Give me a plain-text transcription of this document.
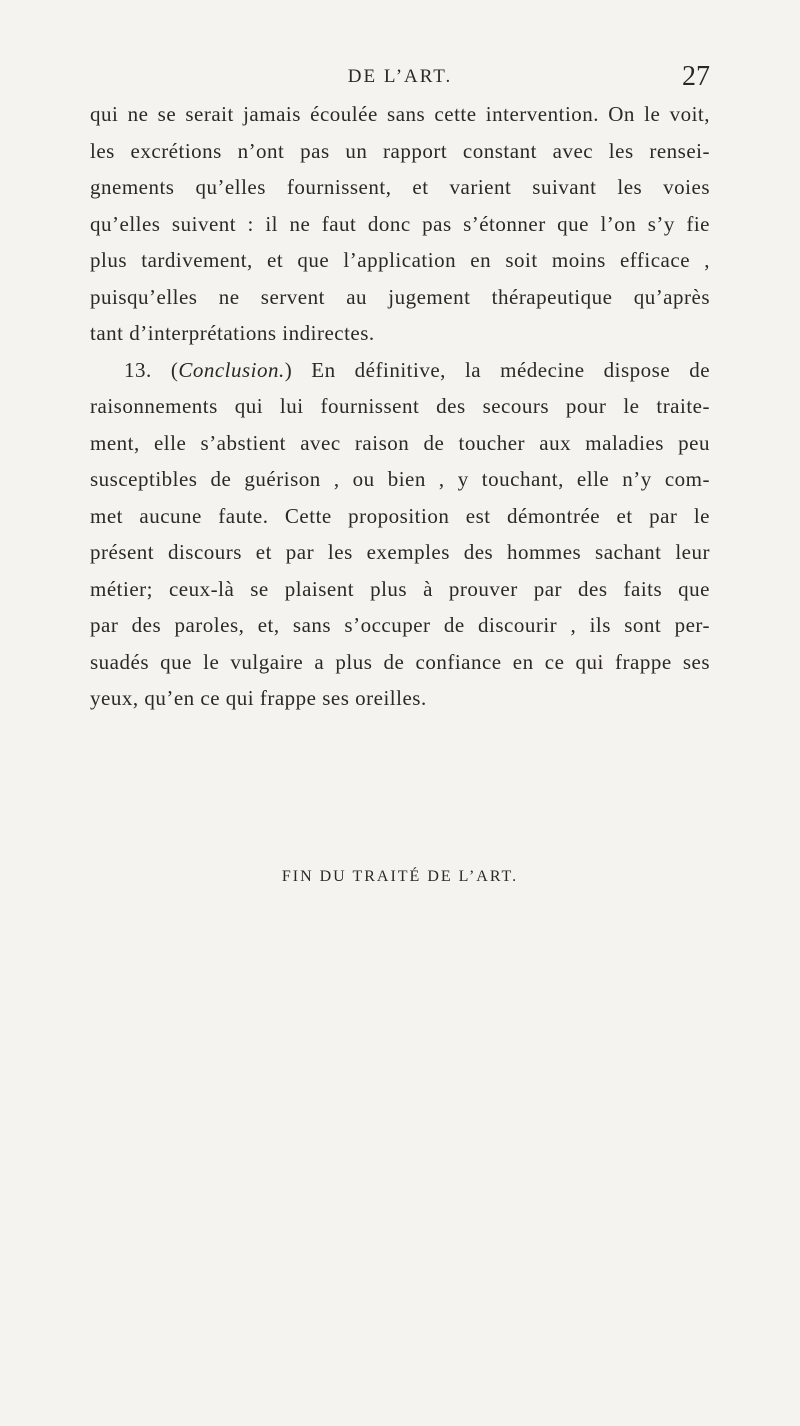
DE L’ART.	27
qui ne se serait jamais écoulée sans cette intervention. On le voit,
les excrétions n’ont pas un rapport constant avec les rensei-
gnements qu’elles fournissent, et varient suivant les voies
qu’elles suivent : il ne faut donc pas s’étonner que l’on s’y fie
plus tardivement, et que l’application en soit moins efficace ,
puisqu’elles ne servent au jugement thérapeutique qu’après
tant d’interprétations indirectes.
13. (Conclusion.) En définitive, la médecine dispose de
raisonnements qui lui fournissent des secours pour le traite-
ment, elle s’abstient avec raison de toucher aux maladies peu
susceptibles de guérison , ou bien , y touchant, elle n’y com-
met aucune faute. Cette proposition est démontrée et par le
présent discours et par les exemples des hommes sachant leur
métier; ceux-là se plaisent plus à prouver par des faits que
par des paroles, et, sans s’occuper de discourir , ils sont per-
suadés que le vulgaire a plus de confiance en ce qui frappe ses
yeux, qu’en ce qui frappe ses oreilles.
FIN DU TRAITÉ DE L’ART.
